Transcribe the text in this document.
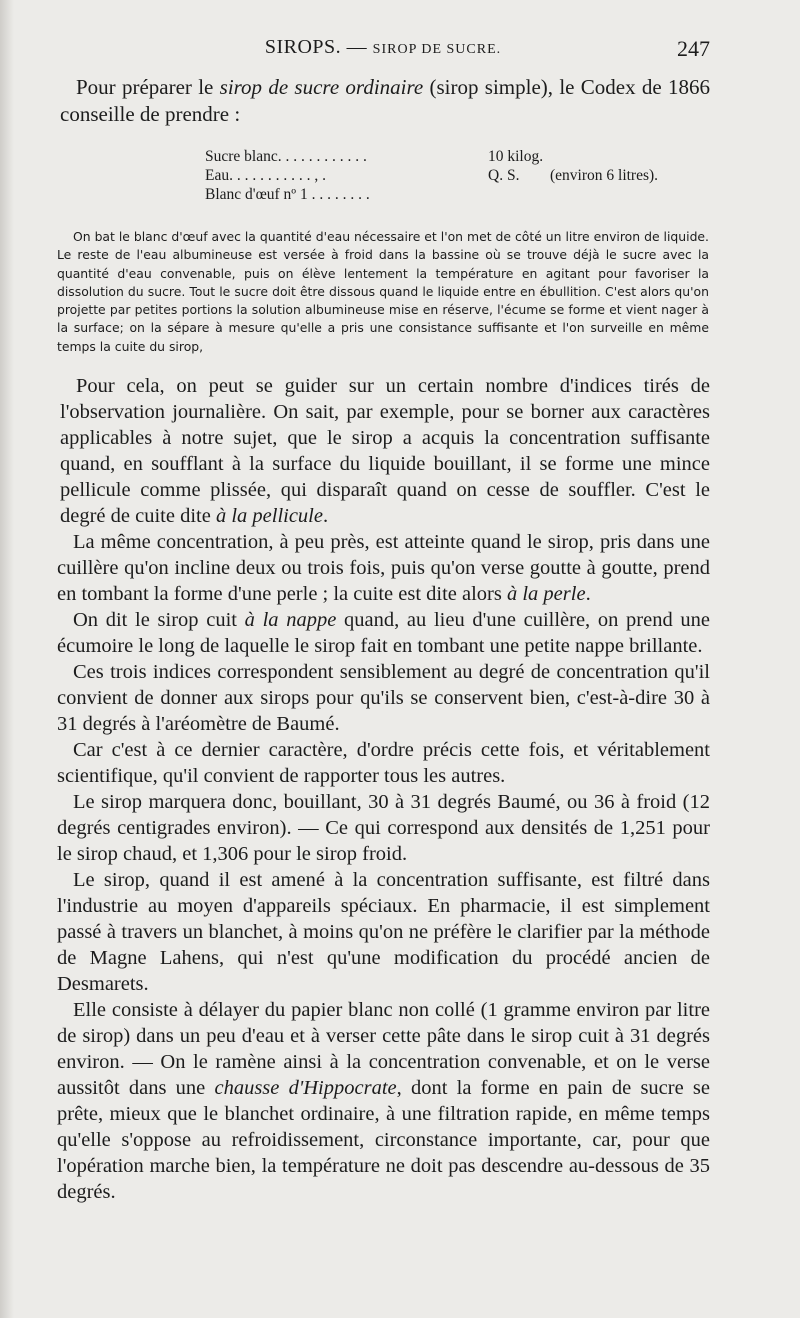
SIROPS. — SIROP DE SUCRE.	247

Pour préparer le sirop de sucre ordinaire (sirop simple), le Codex de 1866 conseille de prendre :

Sucre blanc. . . . . . . . . . . .	10 kilog.
Eau. . . . . . . . . . . , .	Q. S. (environ 6 litres).
Blanc d'œuf nº 1 . . . . . . . .

On bat le blanc d'œuf avec la quantité d'eau nécessaire et l'on met de côté un litre environ de liquide. Le reste de l'eau albumineuse est versée à froid dans la bassine où se trouve déjà le sucre avec la quantité d'eau convenable, puis on élève lentement la température en agitant pour favoriser la dissolution du sucre. Tout le sucre doit être dissous quand le liquide entre en ébullition. C'est alors qu'on projette par petites portions la solution albumineuse mise en réserve, l'écume se forme et vient nager à la surface; on la sépare à mesure qu'elle a pris une consistance suffisante et l'on surveille en même temps la cuite du sirop,

Pour cela, on peut se guider sur un certain nombre d'indices tirés de l'observation journalière. On sait, par exemple, pour se borner aux caractères applicables à notre sujet, que le sirop a acquis la concentration suffisante quand, en soufflant à la surface du liquide bouillant, il se forme une mince pellicule comme plissée, qui disparaît quand on cesse de souffler. C'est le degré de cuite dite à la pellicule.

La même concentration, à peu près, est atteinte quand le sirop, pris dans une cuillère qu'on incline deux ou trois fois, puis qu'on verse goutte à goutte, prend en tombant la forme d'une perle ; la cuite est dite alors à la perle.

On dit le sirop cuit à la nappe quand, au lieu d'une cuillère, on prend une écumoire le long de laquelle le sirop fait en tombant une petite nappe brillante.

Ces trois indices correspondent sensiblement au degré de concentration qu'il convient de donner aux sirops pour qu'ils se conservent bien, c'est-à-dire 30 à 31 degrés à l'aréomètre de Baumé.

Car c'est à ce dernier caractère, d'ordre précis cette fois, et véritablement scientifique, qu'il convient de rapporter tous les autres.

Le sirop marquera donc, bouillant, 30 à 31 degrés Baumé, ou 36 à froid (12 degrés centigrades environ). — Ce qui correspond aux densités de 1,251 pour le sirop chaud, et 1,306 pour le sirop froid.

Le sirop, quand il est amené à la concentration suffisante, est filtré dans l'industrie au moyen d'appareils spéciaux. En pharmacie, il est simplement passé à travers un blanchet, à moins qu'on ne préfère le clarifier par la méthode de Magne Lahens, qui n'est qu'une modification du procédé ancien de Desmarets.

Elle consiste à délayer du papier blanc non collé (1 gramme environ par litre de sirop) dans un peu d'eau et à verser cette pâte dans le sirop cuit à 31 degrés environ. — On le ramène ainsi à la concentration convenable, et on le verse aussitôt dans une chausse d'Hippocrate, dont la forme en pain de sucre se prête, mieux que le blanchet ordinaire, à une filtration rapide, en même temps qu'elle s'oppose au refroidissement, circonstance importante, car, pour que l'opération marche bien, la température ne doit pas descendre au-dessous de 35 degrés.
